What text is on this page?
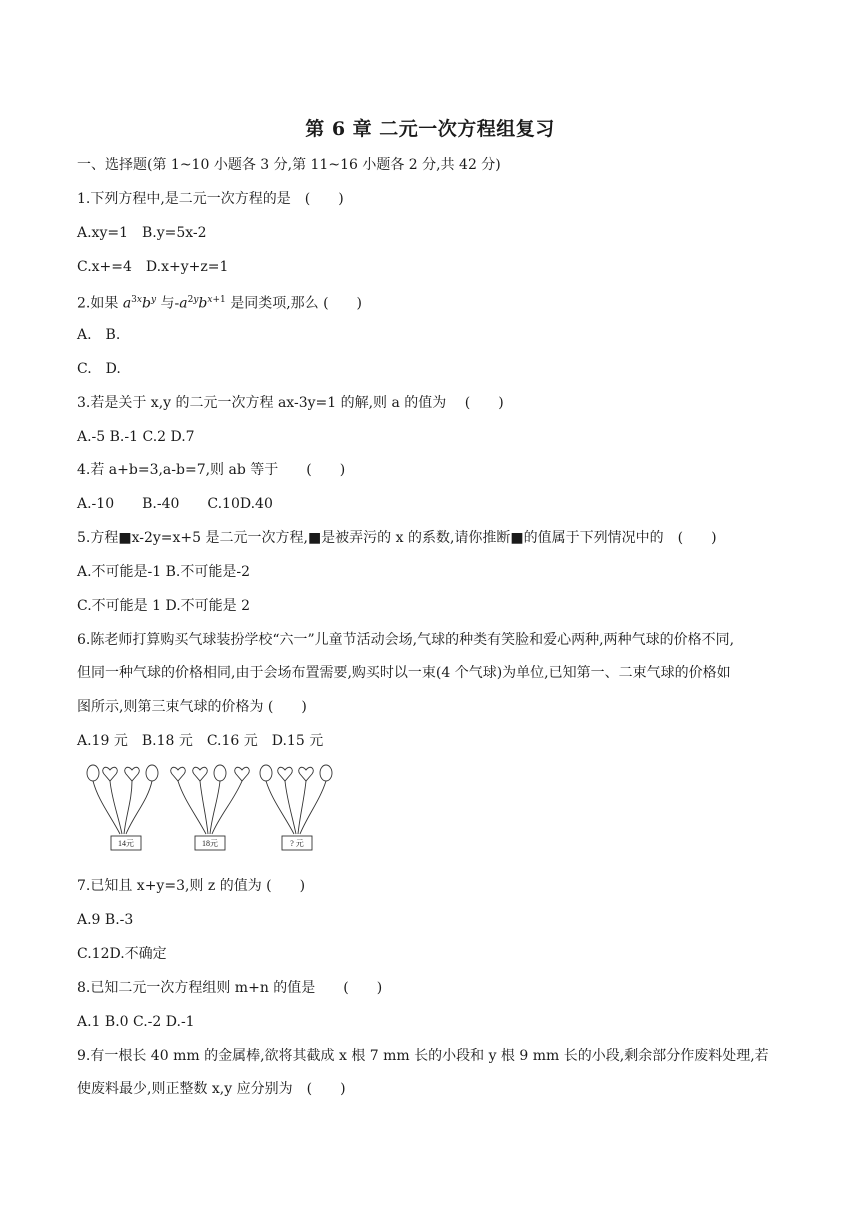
第 6 章 二元一次方程组复习
一、选择题(第 1~10 小题各 3 分,第 11~16 小题各 2 分,共 42 分)
1.下列方程中,是二元一次方程的是　(　　)
A.xy=1　B.y=5x-2
C.x+=4　D.x+y+z=1
2.如果 $a^{3x}b^y$ 与$-a^{2y}b^{x+1}$ 是同类项,那么 (　　)
A.　B.
C.　D.
3.若是关于 x,y 的二元一次方程 ax-3y=1 的解,则 a 的值为　 (　　)
A.-5 B.-1 C.2 D.7
4.若 a+b=3,a-b=7,则 ab 等于　　(　　)
A.-10　　B.-40　　C.10D.40
5.方程■x-2y=x+5 是二元一次方程,■是被弄污的 x 的系数,请你推断■的值属于下列情况中的　(　　)
A.不可能是-1 B.不可能是-2
C.不可能是 1 D.不可能是 2
6.陈老师打算购买气球装扮学校“六一”儿童节活动会场,气球的种类有笑脸和爱心两种,两种气球的价格不同,
但同一种气球的价格相同,由于会场布置需要,购买时以一束(4 个气球)为单位,已知第一、二束气球的价格如
图所示,则第三束气球的价格为 (　　)
A.19 元　B.18 元　C.16 元　D.15 元
14元	18元	? 元
7.已知且 x+y=3,则 z 的值为 (　　)
A.9 B.-3
C.12D.不确定
8.已知二元一次方程组则 m+n 的值是　　(　　)
A.1 B.0 C.-2 D.-1
9.有一根长 40 mm 的金属棒,欲将其截成 x 根 7 mm 长的小段和 y 根 9 mm 长的小段,剩余部分作废料处理,若
使废料最少,则正整数 x,y 应分别为　(　　)
